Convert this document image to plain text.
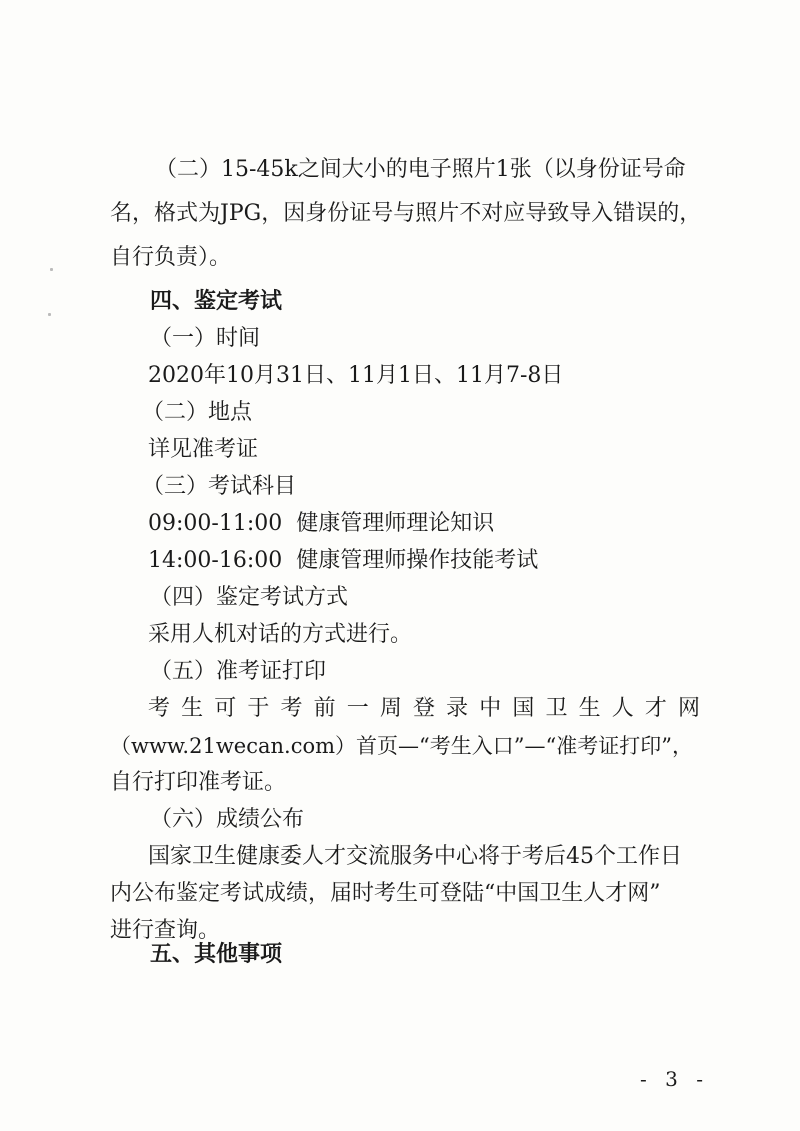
（二）15-45k之间大小的电子照片1张（以身份证号命
名，格式为JPG，因身份证号与照片不对应导致导入错误的，
自行负责）。
四、鉴定考试
（一）时间
2020年10月31日、11月1日、11月7-8日
（二）地点
详见准考证
（三）考试科目
09:00-11:00  健康管理师理论知识
14:00-16:00  健康管理师操作技能考试
（四）鉴定考试方式
采用人机对话的方式进行。
（五）准考证打印
考生可于考前一周登录中国卫生人才网
（www.21wecan.com）首页—“考生入口”—“准考证打印”，
自行打印准考证。
（六）成绩公布
国家卫生健康委人才交流服务中心将于考后45个工作日
内公布鉴定考试成绩，届时考生可登陆“中国卫生人才网”
进行查询。
五、其他事项
- 3 -
